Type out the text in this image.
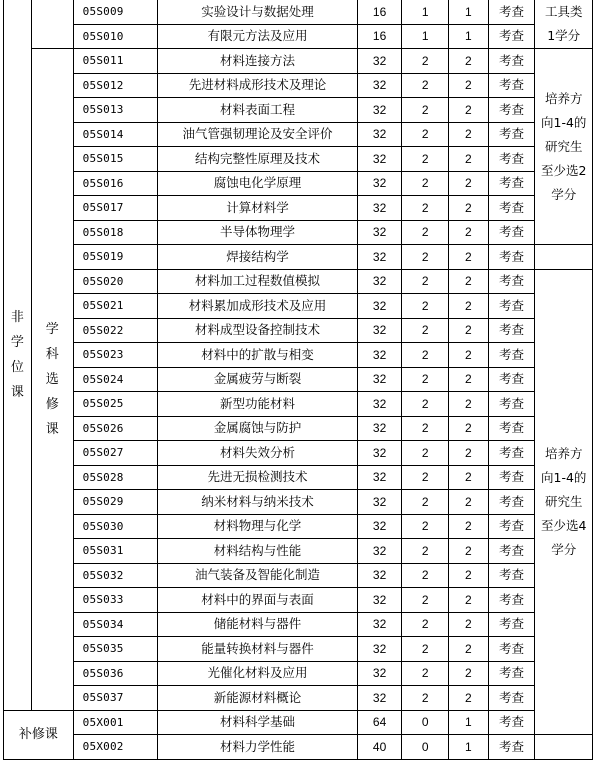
非学位课		05S009	实验设计与数据处理	16	1	1	考查	工具类
1学分
		05S010	有限元方法及应用	16	1	1	考查	

	学科选修课	05S011	材料连接方法	32	2	2	考查	培养方
向1-4的
研究生
至少选2
学分
		05S012	先进材料成形技术及理论	32	2	2	考查	
		05S013	材料表面工程	32	2	2	考查	
		05S014	油气管强韧理论及安全评价	32	2	2	考查	
		05S015	结构完整性原理及技术	32	2	2	考查	
		05S016	腐蚀电化学原理	32	2	2	考查	
		05S017	计算材料学	32	2	2	考查	
		05S018	半导体物理学	32	2	2	考查	
		05S019	焊接结构学	32	2	2	考查	
		05S020	材料加工过程数值模拟	32	2	2	考查	培养方
向1-4的
研究生
至少选4
学分
		05S021	材料累加成形技术及应用	32	2	2	考查	
		05S022	材料成型设备控制技术	32	2	2	考查	
		05S023	材料中的扩散与相变	32	2	2	考查	
		05S024	金属疲劳与断裂	32	2	2	考查	
		05S025	新型功能材料	32	2	2	考查	
		05S026	金属腐蚀与防护	32	2	2	考查	
		05S027	材料失效分析	32	2	2	考查	
		05S028	先进无损检测技术	32	2	2	考查	
		05S029	纳米材料与纳米技术	32	2	2	考查	
		05S030	材料物理与化学	32	2	2	考查	
		05S031	材料结构与性能	32	2	2	考查	
		05S032	油气装备及智能化制造	32	2	2	考查	
		05S033	材料中的界面与表面	32	2	2	考查	
		05S034	储能材料与器件	32	2	2	考查	
		05S035	能量转换材料与器件	32	2	2	考查	
		05S036	光催化材料及应用	32	2	2	考查	
		05S037	新能源材料概论	32	2	2	考查	
补修课		05X001	材料科学基础	64	0	1	考查	
		05X002	材料力学性能	40	0	1	考查	
